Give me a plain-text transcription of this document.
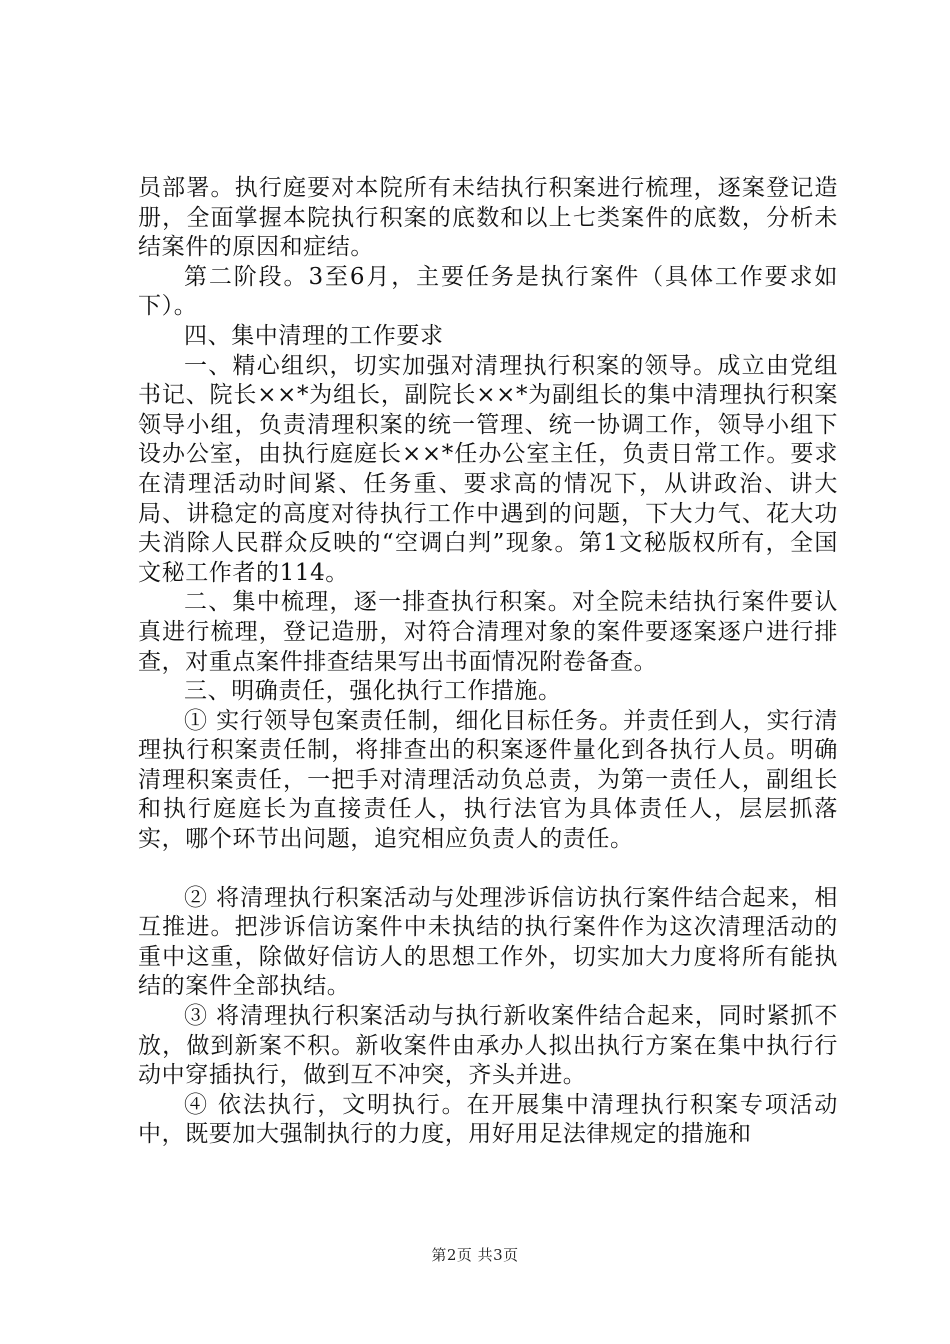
员部署。执行庭要对本院所有未结执行积案进行梳理，逐案登记造册，全面掌握本院执行积案的底数和以上七类案件的底数，分析未结案件的原因和症结。

第二阶段。3至6月，主要任务是执行案件（具体工作要求如下）。

四、集中清理的工作要求

一、精心组织，切实加强对清理执行积案的领导。成立由党组书记、院长××*为组长，副院长××*为副组长的集中清理执行积案领导小组，负责清理积案的统一管理、统一协调工作，领导小组下设办公室，由执行庭庭长××*任办公室主任，负责日常工作。要求在清理活动时间紧、任务重、要求高的情况下，从讲政治、讲大局、讲稳定的高度对待执行工作中遇到的问题，下大力气、花大功夫消除人民群众反映的“空调白判”现象。第1文秘版权所有，全国文秘工作者的114。

二、集中梳理，逐一排查执行积案。对全院未结执行案件要认真进行梳理，登记造册，对符合清理对象的案件要逐案逐户进行排查，对重点案件排查结果写出书面情况附卷备查。

三、明确责任，强化执行工作措施。

① 实行领导包案责任制，细化目标任务。并责任到人，实行清理执行积案责任制，将排查出的积案逐件量化到各执行人员。明确清理积案责任，一把手对清理活动负总责，为第一责任人，副组长和执行庭庭长为直接责任人，执行法官为具体责任人，层层抓落实，哪个环节出问题，追究相应负责人的责任。

② 将清理执行积案活动与处理涉诉信访执行案件结合起来，相互推进。把涉诉信访案件中未执结的执行案件作为这次清理活动的重中这重，除做好信访人的思想工作外，切实加大力度将所有能执结的案件全部执结。

③ 将清理执行积案活动与执行新收案件结合起来，同时紧抓不放，做到新案不积。新收案件由承办人拟出执行方案在集中执行行动中穿插执行，做到互不冲突，齐头并进。

④ 依法执行，文明执行。在开展集中清理执行积案专项活动中，既要加大强制执行的力度，用好用足法律规定的措施和

第2页 共3页
